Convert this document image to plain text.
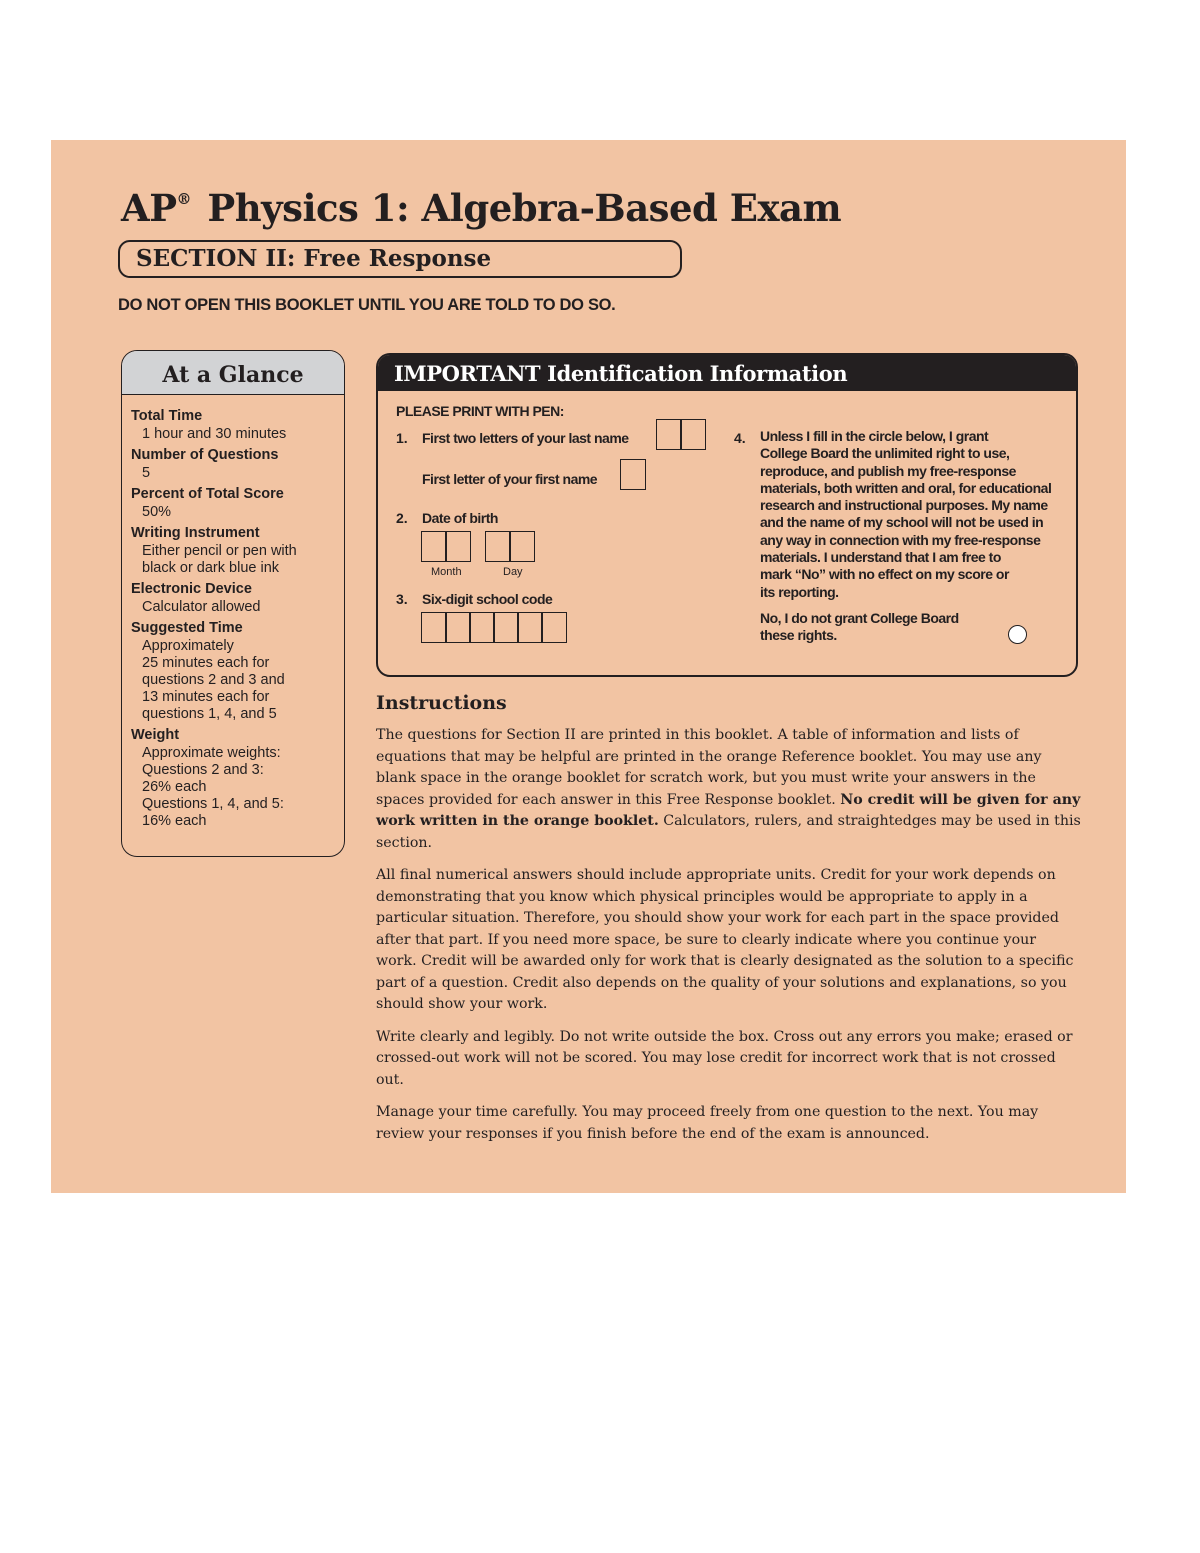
AP® Physics 1: Algebra-Based Exam
SECTION II: Free Response
DO NOT OPEN THIS BOOKLET UNTIL YOU ARE TOLD TO DO SO.
At a Glance
Total Time
1 hour and 30 minutes
Number of Questions
5
Percent of Total Score
50%
Writing Instrument
Either pencil or pen with
black or dark blue ink
Electronic Device
Calculator allowed
Suggested Time
Approximately
25 minutes each for
questions 2 and 3 and
13 minutes each for
questions 1, 4, and 5
Weight
Approximate weights:
Questions 2 and 3:
26% each
Questions 1, 4, and 5:
16% each
IMPORTANT Identification Information
PLEASE PRINT WITH PEN:
1. First two letters of your last name
First letter of your first name
2. Date of birth
Month	Day
3. Six-digit school code
4. Unless I fill in the circle below, I grant
College Board the unlimited right to use,
reproduce, and publish my free-response
materials, both written and oral, for educational
research and instructional purposes. My name
and the name of my school will not be used in
any way in connection with my free-response
materials. I understand that I am free to
mark “No” with no effect on my score or
its reporting.
No, I do not grant College Board
these rights.
Instructions

The questions for Section II are printed in this booklet. A table of information and lists of equations that may be helpful are printed in the orange Reference booklet. You may use any blank space in the orange booklet for scratch work, but you must write your answers in the spaces provided for each answer in this Free Response booklet. No credit will be given for any work written in the orange booklet. Calculators, rulers, and straightedges may be used in this section.

All final numerical answers should include appropriate units. Credit for your work depends on demonstrating that you know which physical principles would be appropriate to apply in a particular situation. Therefore, you should show your work for each part in the space provided after that part. If you need more space, be sure to clearly indicate where you continue your work. Credit will be awarded only for work that is clearly designated as the solution to a specific part of a question. Credit also depends on the quality of your solutions and explanations, so you should show your work.

Write clearly and legibly. Do not write outside the box. Cross out any errors you make; erased or crossed-out work will not be scored. You may lose credit for incorrect work that is not crossed out.

Manage your time carefully. You may proceed freely from one question to the next. You may review your responses if you finish before the end of the exam is announced.
